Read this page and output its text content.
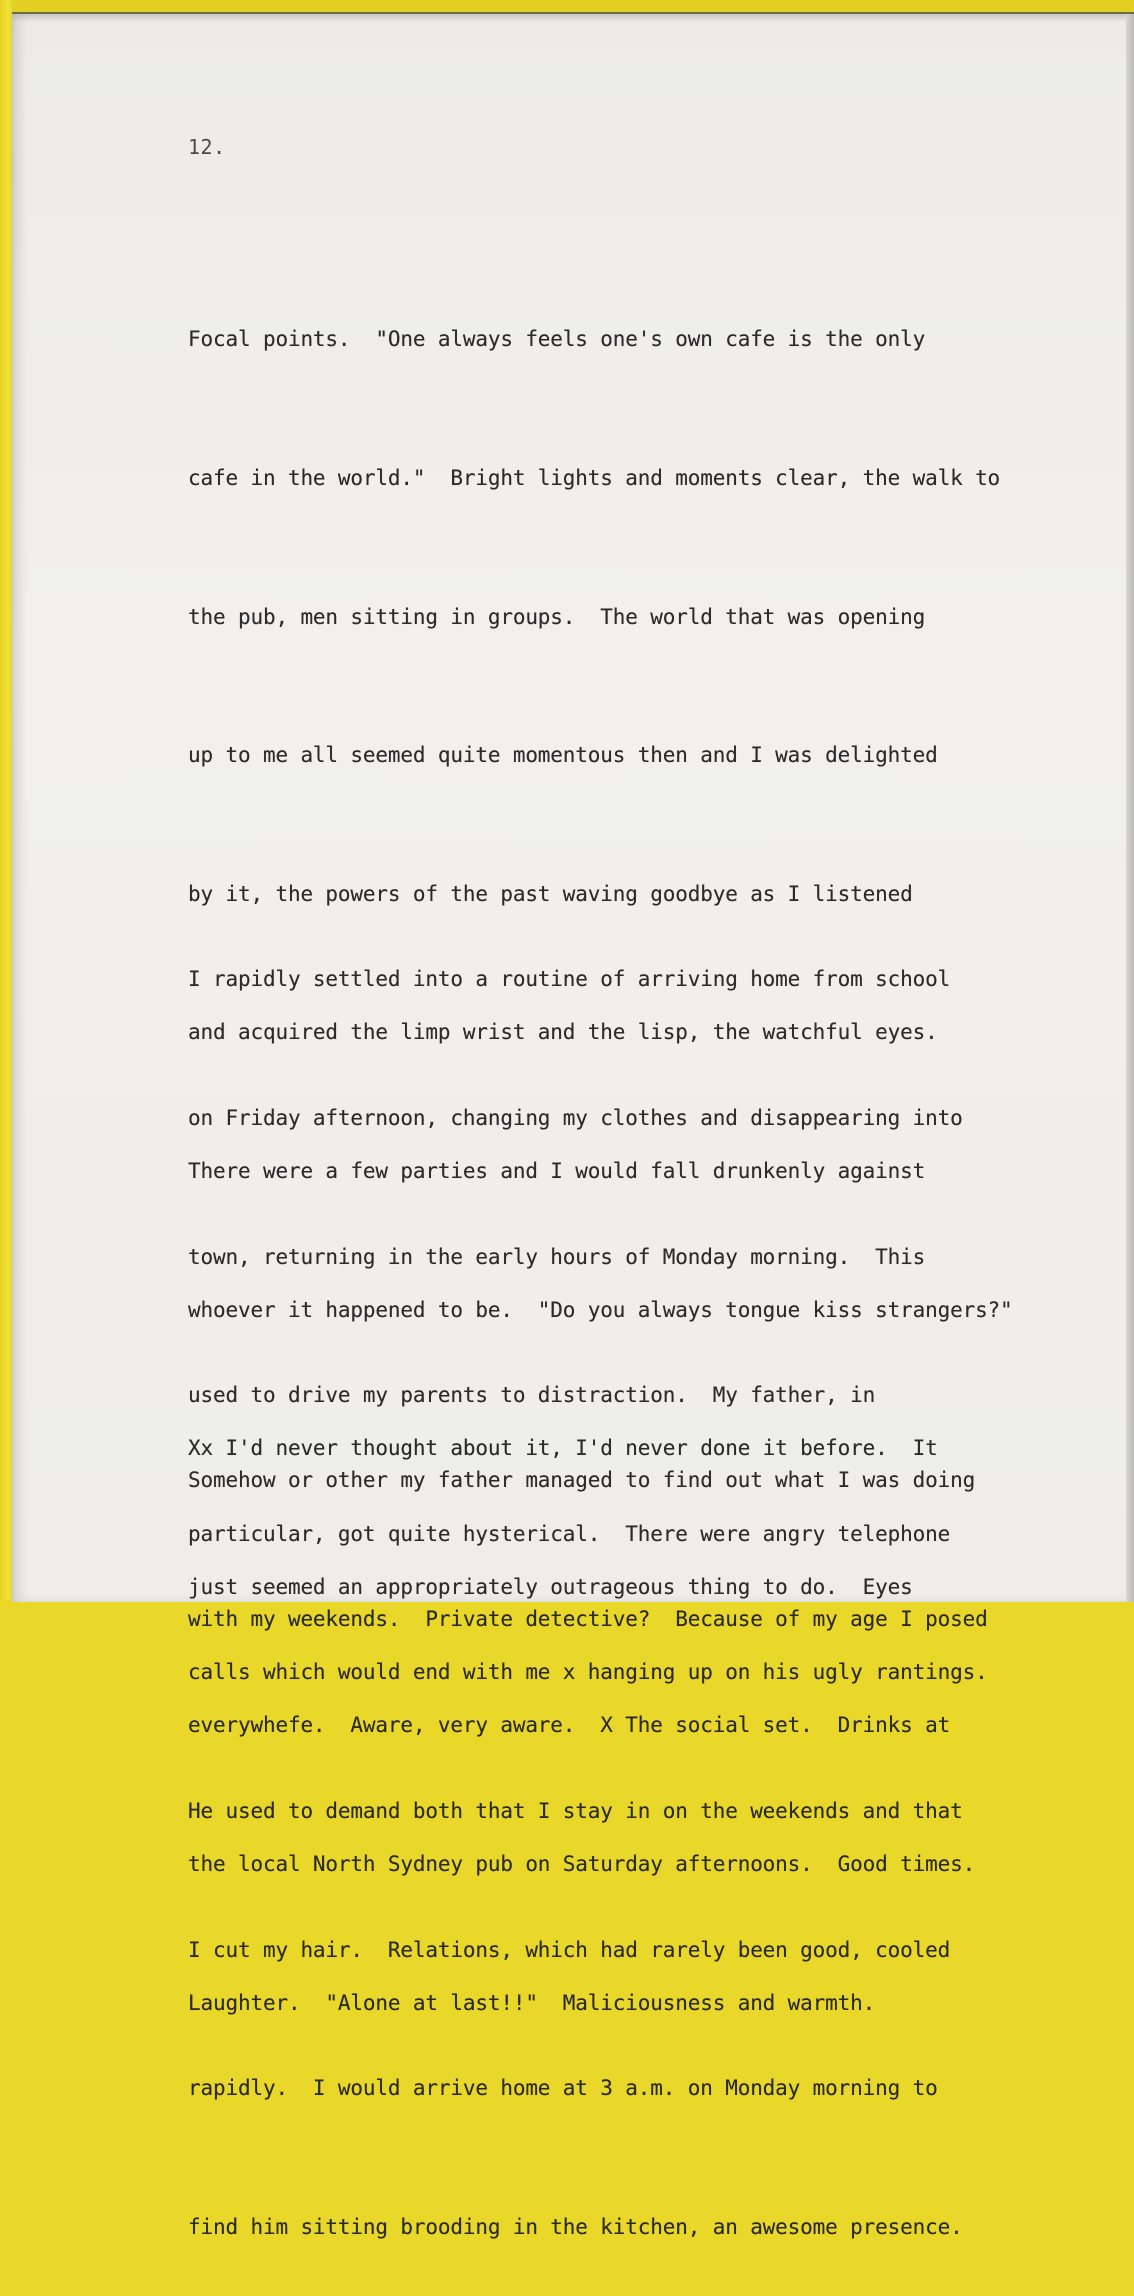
12.

Focal points.  "One always feels one's own cafe is the only

cafe in the world."  Bright lights and moments clear, the walk to

the pub, men sitting in groups.  The world that was opening

up to me all seemed quite momentous then and I was delighted

by it, the powers of the past waving goodbye as I listened

and acquired the limp wrist and the lisp, the watchful eyes.

There were a few parties and I would fall drunkenly against

whoever it happened to be.  "Do you always tongue kiss strangers?"

Xx I'd never thought about it, I'd never done it before.  It

just seemed an appropriately outrageous thing to do.  Eyes

everywhefe.  Aware, very aware.  X The social set.  Drinks at

the local North Sydney pub on Saturday afternoons.  Good times.

Laughter.  "Alone at last!!"  Maliciousness and warmth.

I rapidly settled into a routine of arriving home from school

on Friday afternoon, changing my clothes and disappearing into

town, returning in the early hours of Monday morning.  This

used to drive my parents to distraction.  My father, in

particular, got quite hysterical.  There were angry telephone

calls which would end with me x hanging up on his ugly rantings.

He used to demand both that I stay in on the weekends and that

I cut my hair.  Relations, which had rarely been good, cooled

rapidly.  I would arrive home at 3 a.m. on Monday morning to

find him sitting brooding in the kitchen, an awesome presence.

Somehow or other my father managed to find out what I was doing

with my weekends.  Private detective?  Because of my age I posed
